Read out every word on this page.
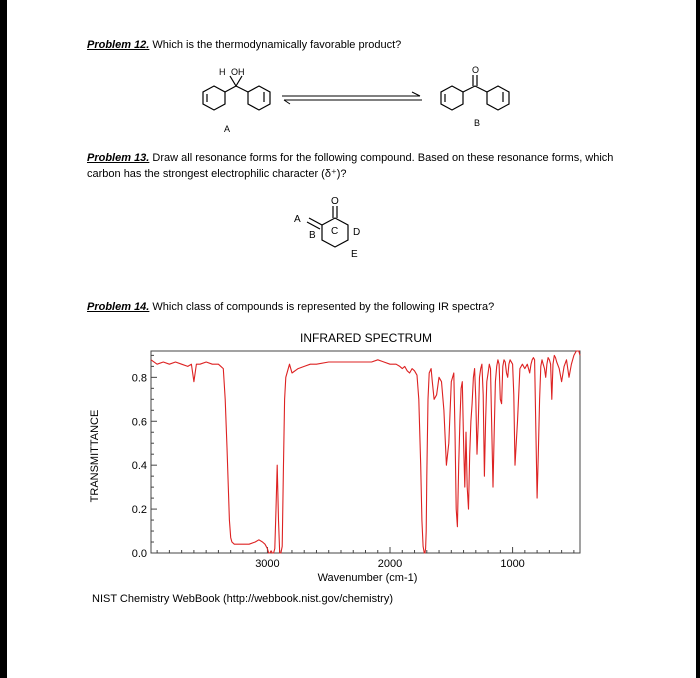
Problem 12. Which is the thermodynamically favorable product?
H OH
A
O
B
Problem 13. Draw all resonance forms for the following compound. Based on these resonance forms, which carbon has the strongest electrophilic character (δ⁺)?
O
A
B C D
E
Problem 14. Which class of compounds is represented by the following IR spectra?
INFRARED SPECTRUM
TRANSMITTANCE
Wavenumber (cm-1)
3000	2000	1000
0.0
0.2
0.4
0.6
0.8
NIST Chemistry WebBook (http://webbook.nist.gov/chemistry)
